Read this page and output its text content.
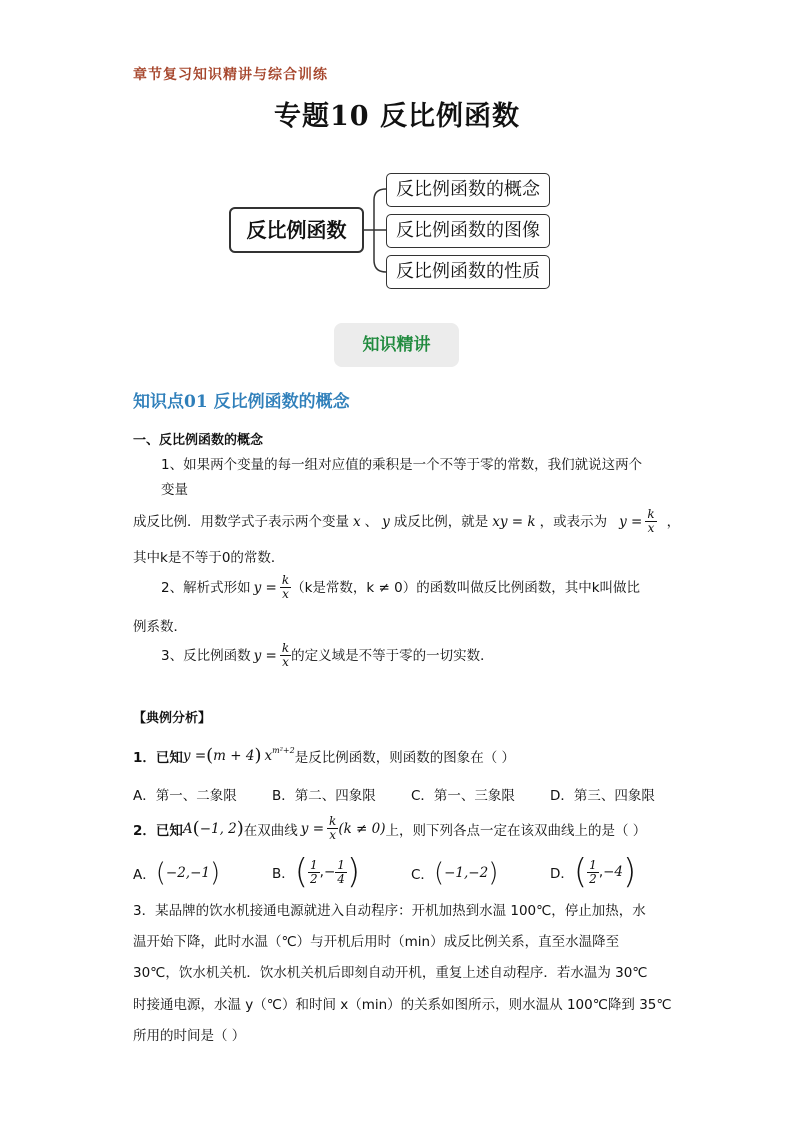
章节复习知识精讲与综合训练
专题10 反比例函数
反比例函数
反比例函数的概念
反比例函数的图像
反比例函数的性质
知识精讲
知识点01 反比例函数的概念
一、反比例函数的概念
1、如果两个变量的每一组对应值的乘积是一个不等于零的常数，我们就说这两个
变量
成反比例．用数学式子表示两个变量 x 、 y 成反比例，就是 xy = k ，或表示为 $y = \frac{k}{x}$ ，
其中k是不等于0的常数．
2、解析式形如 $y = \frac{k}{x} (k$是常数，k ≠ 0）的函数叫做反比例函数，其中k叫做比
例系数．
3、反比例函数 $y = \frac{k}{x}$ 的定义域是不等于零的一切实数．
【典例分析】
1．已知 y = ( m + 4 ) $x^{m^2+2}$ 是反比例函数，则函数的图象在（ ）
A．第一、二象限	B．第二、四象限	C．第一、三象限	D．第三、四象限
2．已知 A ( −1, 2 ) 在双曲线 $y = \frac{k}{x} (k \ne 0)$ 上，则下列各点一定在该双曲线上的是（ ）
A． ( −2,−1 )	B． ( $\frac{1}{2}$ ,− $\frac{1}{4}$ )	C． ( −1,−2 )	D． ( $\frac{1}{2}$ , −4 )
3．某品牌的饮水机接通电源就进入自动程序：开机加热到水温 100℃，停止加热，水
温开始下降，此时水温（℃）与开机后用时（min）成反比例关系，直至水温降至
30℃，饮水机关机．饮水机关机后即刻自动开机，重复上述自动程序．若水温为 30℃
时接通电源，水温 y（℃）和时间 x（min）的关系如图所示，则水温从 100℃降到 35℃
所用的时间是（ ）
